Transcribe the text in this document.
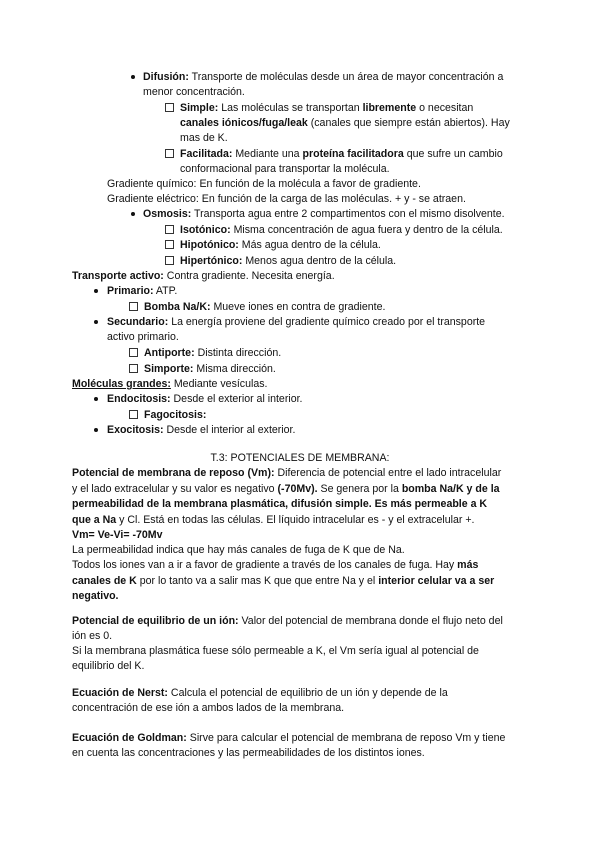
Difusión: Transporte de moléculas desde un área de mayor concentración a
menor concentración.
Simple: Las moléculas se transportan libremente o necesitan
canales iónicos/fuga/leak (canales que siempre están abiertos). Hay
mas de K.
Facilitada: Mediante una proteína facilitadora que sufre un cambio
conformacional para transportar la molécula.
Gradiente químico: En función de la molécula a favor de gradiente.
Gradiente eléctrico: En función de la carga de las moléculas. + y - se atraen.
Osmosis: Transporta agua entre 2 compartimentos con el mismo disolvente.
Isotónico: Misma concentración de agua fuera y dentro de la célula.
Hipotónico: Más agua dentro de la célula.
Hipertónico: Menos agua dentro de la célula.
Transporte activo: Contra gradiente. Necesita energía.
Primario: ATP.
Bomba Na/K: Mueve iones en contra de gradiente.
Secundario: La energía proviene del gradiente químico creado por el transporte
activo primario.
Antiporte: Distinta dirección.
Simporte: Misma dirección.
Moléculas grandes: Mediante vesículas.
Endocitosis: Desde el exterior al interior.
Fagocitosis:
Exocitosis: Desde el interior al exterior.
T.3: POTENCIALES DE MEMBRANA:
Potencial de membrana de reposo (Vm): Diferencia de potencial entre el lado intracelular
y el lado extracelular y su valor es negativo (-70Mv). Se genera por la bomba Na/K y de la
permeabilidad de la membrana plasmática, difusión simple. Es más permeable a K
que a Na y Cl. Está en todas las células. El líquido intracelular es - y el extracelular +.
Vm= Ve-Vi= -70Mv
La permeabilidad indica que hay más canales de fuga de K que de Na.
Todos los iones van a ir a favor de gradiente a través de los canales de fuga. Hay más
canales de K por lo tanto va a salir mas K que que entre Na y el interior celular va a ser
negativo.
Potencial de equilibrio de un ión: Valor del potencial de membrana donde el flujo neto del
ión es 0.
Si la membrana plasmática fuese sólo permeable a K, el Vm sería igual al potencial de
equilibrio del K.
Ecuación de Nerst: Calcula el potencial de equilibrio de un ión y depende de la
concentración de ese ión a ambos lados de la membrana.
Ecuación de Goldman: Sirve para calcular el potencial de membrana de reposo Vm y tiene
en cuenta las concentraciones y las permeabilidades de los distintos iones.
